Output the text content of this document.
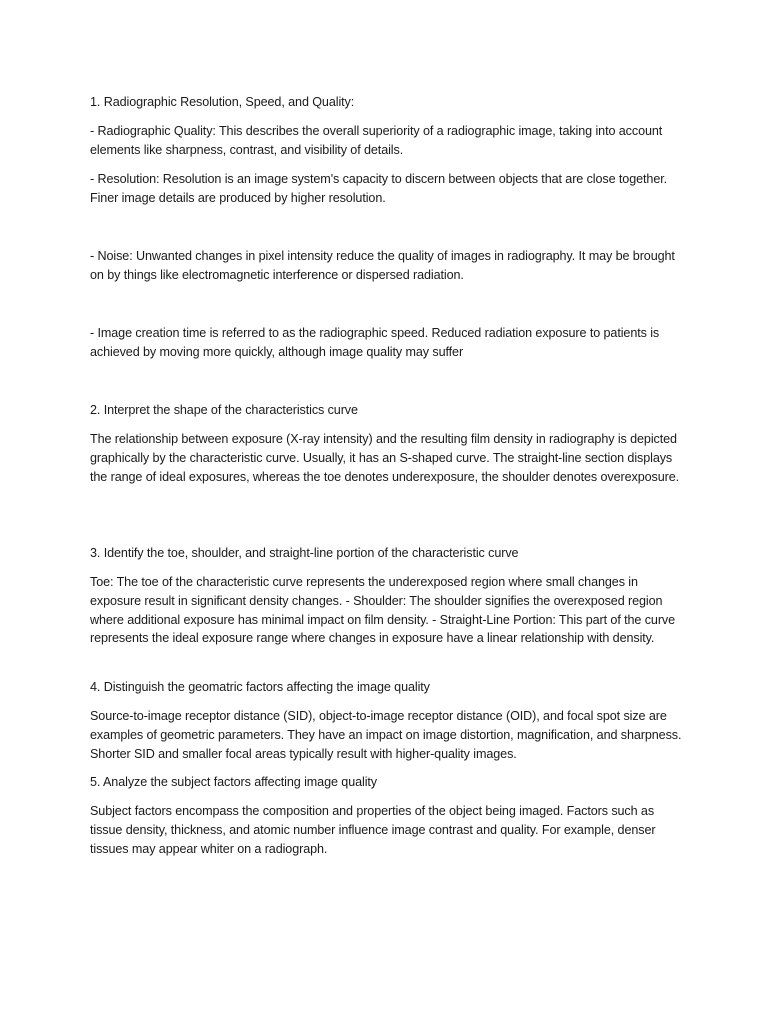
1. Radiographic Resolution, Speed, and Quality:

- Radiographic Quality: This describes the overall superiority of a radiographic image, taking into account elements like sharpness, contrast, and visibility of details.

- Resolution: Resolution is an image system's capacity to discern between objects that are close together. Finer image details are produced by higher resolution.

- Noise: Unwanted changes in pixel intensity reduce the quality of images in radiography. It may be brought on by things like electromagnetic interference or dispersed radiation.

- Image creation time is referred to as the radiographic speed. Reduced radiation exposure to patients is achieved by moving more quickly, although image quality may suffer

2. Interpret the shape of the characteristics curve

The relationship between exposure (X-ray intensity) and the resulting film density in radiography is depicted graphically by the characteristic curve. Usually, it has an S-shaped curve. The straight-line section displays the range of ideal exposures, whereas the toe denotes underexposure, the shoulder denotes overexposure.

3. Identify the toe, shoulder, and straight-line portion of the characteristic curve

Toe: The toe of the characteristic curve represents the underexposed region where small changes in exposure result in significant density changes. - Shoulder: The shoulder signifies the overexposed region where additional exposure has minimal impact on film density. - Straight-Line Portion: This part of the curve represents the ideal exposure range where changes in exposure have a linear relationship with density.

4. Distinguish the geomatric factors affecting the image quality

Source-to-image receptor distance (SID), object-to-image receptor distance (OID), and focal spot size are examples of geometric parameters. They have an impact on image distortion, magnification, and sharpness. Shorter SID and smaller focal areas typically result with higher-quality images.

5. Analyze the subject factors affecting image quality

Subject factors encompass the composition and properties of the object being imaged. Factors such as tissue density, thickness, and atomic number influence image contrast and quality. For example, denser tissues may appear whiter on a radiograph.
